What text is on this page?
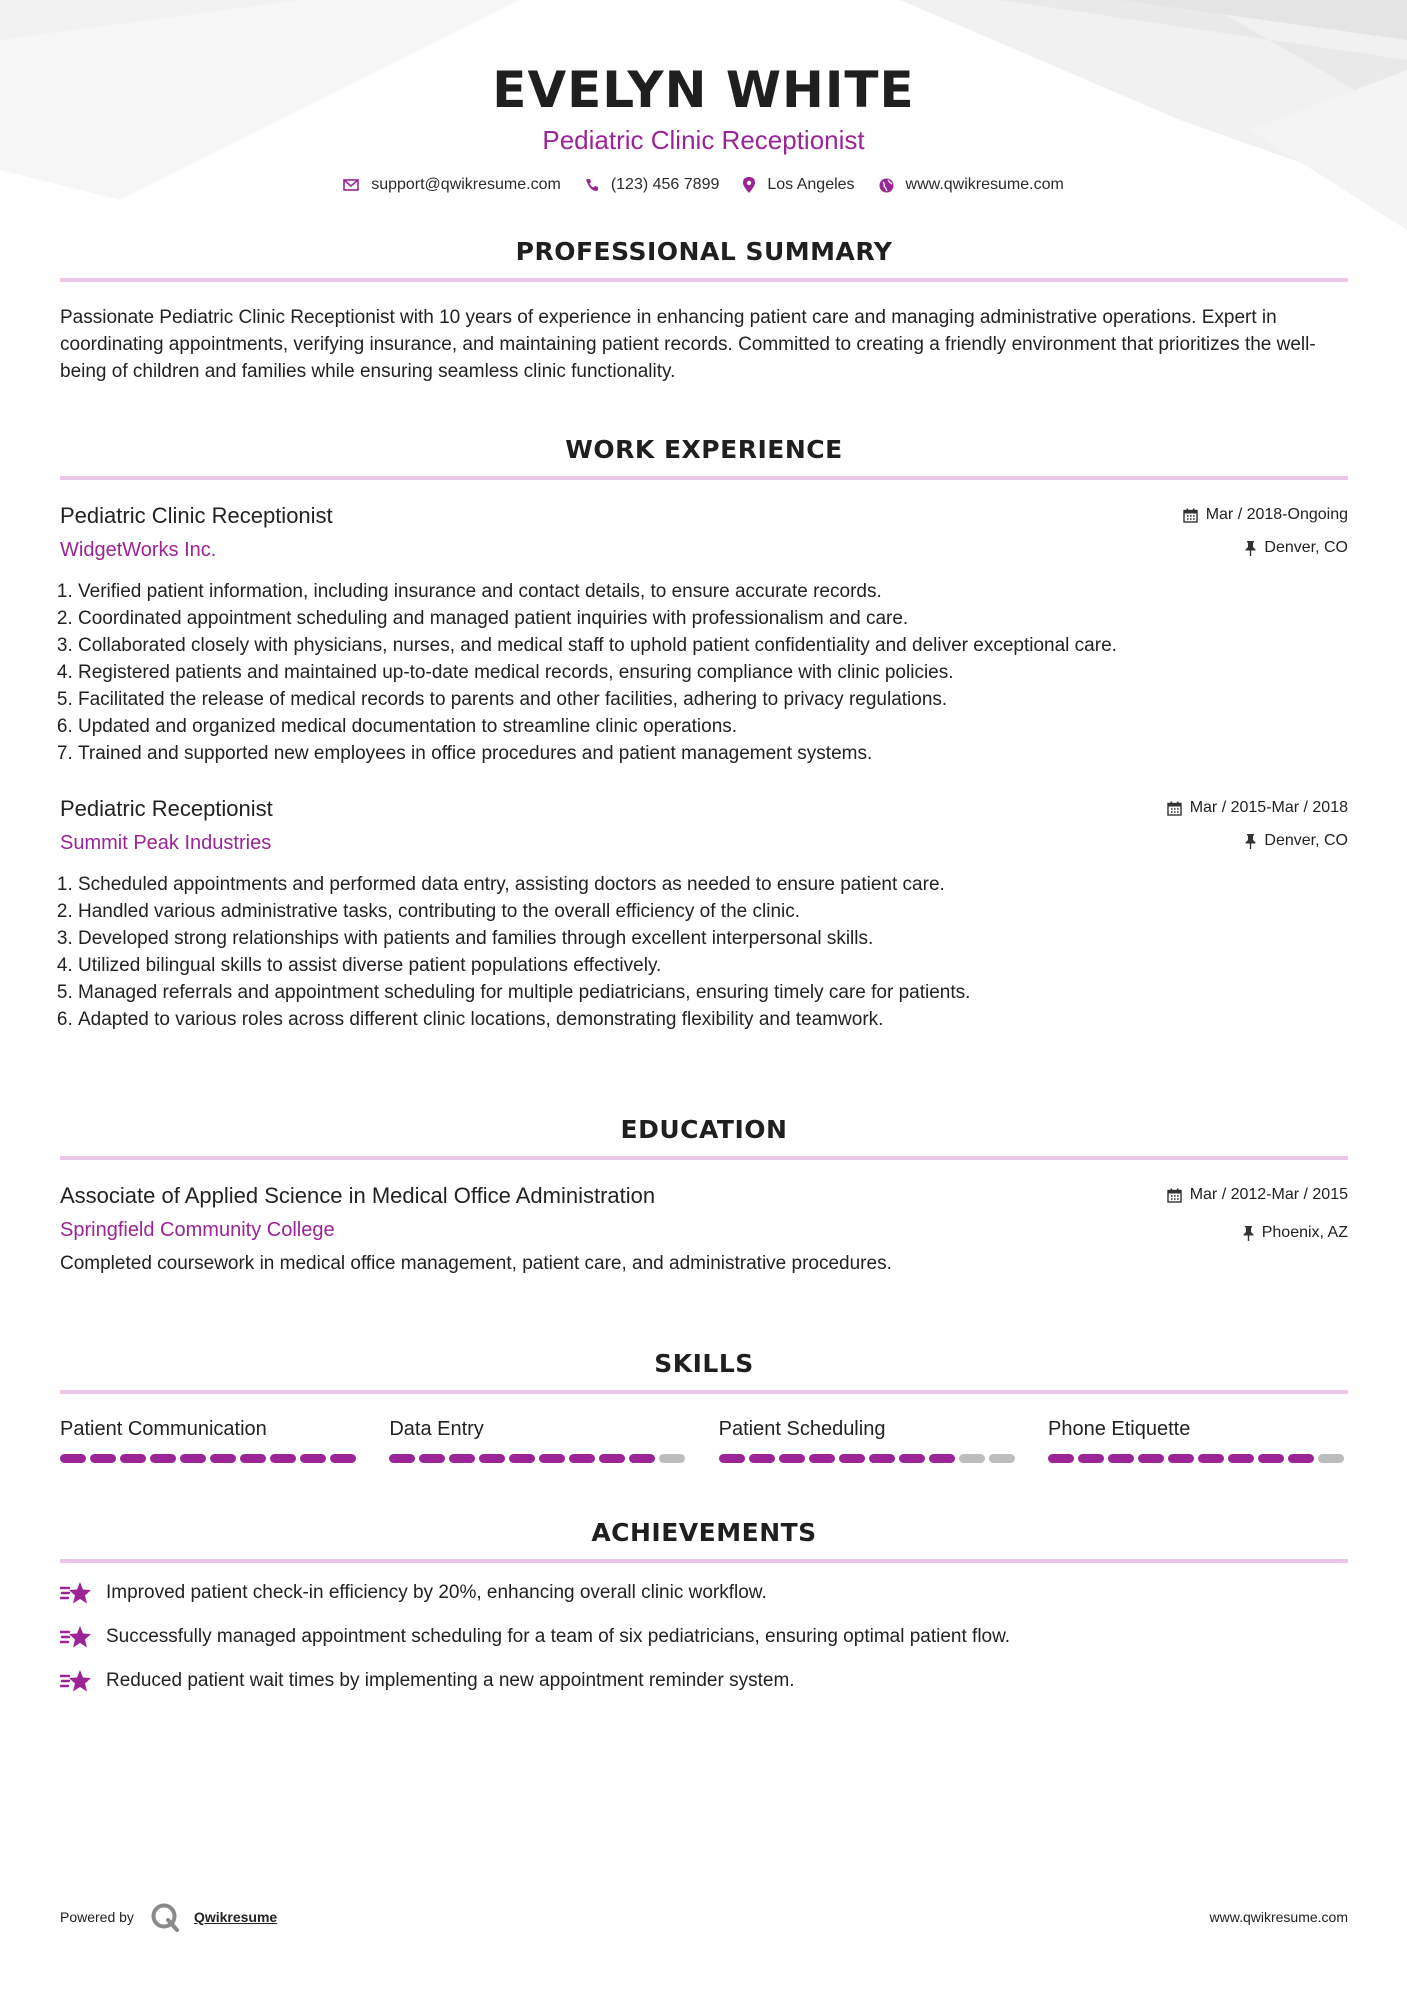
EVELYN WHITE
Pediatric Clinic Receptionist
support@qwikresume.com	(123) 456 7899	Los Angeles	www.qwikresume.com
PROFESSIONAL SUMMARY
Passionate Pediatric Clinic Receptionist with 10 years of experience in enhancing patient care and managing administrative operations. Expert in coordinating appointments, verifying insurance, and maintaining patient records. Committed to creating a friendly environment that prioritizes the well-being of children and families while ensuring seamless clinic functionality.
WORK EXPERIENCE
Pediatric Clinic Receptionist
WidgetWorks Inc.
Mar / 2018-Ongoing
Denver, CO
1. Verified patient information, including insurance and contact details, to ensure accurate records.
2. Coordinated appointment scheduling and managed patient inquiries with professionalism and care.
3. Collaborated closely with physicians, nurses, and medical staff to uphold patient confidentiality and deliver exceptional care.
4. Registered patients and maintained up-to-date medical records, ensuring compliance with clinic policies.
5. Facilitated the release of medical records to parents and other facilities, adhering to privacy regulations.
6. Updated and organized medical documentation to streamline clinic operations.
7. Trained and supported new employees in office procedures and patient management systems.
Pediatric Receptionist
Summit Peak Industries
Mar / 2015-Mar / 2018
Denver, CO
1. Scheduled appointments and performed data entry, assisting doctors as needed to ensure patient care.
2. Handled various administrative tasks, contributing to the overall efficiency of the clinic.
3. Developed strong relationships with patients and families through excellent interpersonal skills.
4. Utilized bilingual skills to assist diverse patient populations effectively.
5. Managed referrals and appointment scheduling for multiple pediatricians, ensuring timely care for patients.
6. Adapted to various roles across different clinic locations, demonstrating flexibility and teamwork.
EDUCATION
Associate of Applied Science in Medical Office Administration
Springfield Community College
Mar / 2012-Mar / 2015
Phoenix, AZ
Completed coursework in medical office management, patient care, and administrative procedures.
SKILLS
Patient Communication	Data Entry	Patient Scheduling	Phone Etiquette
ACHIEVEMENTS
Improved patient check-in efficiency by 20%, enhancing overall clinic workflow.
Successfully managed appointment scheduling for a team of six pediatricians, ensuring optimal patient flow.
Reduced patient wait times by implementing a new appointment reminder system.
Powered by	Qwikresume	www.qwikresume.com
